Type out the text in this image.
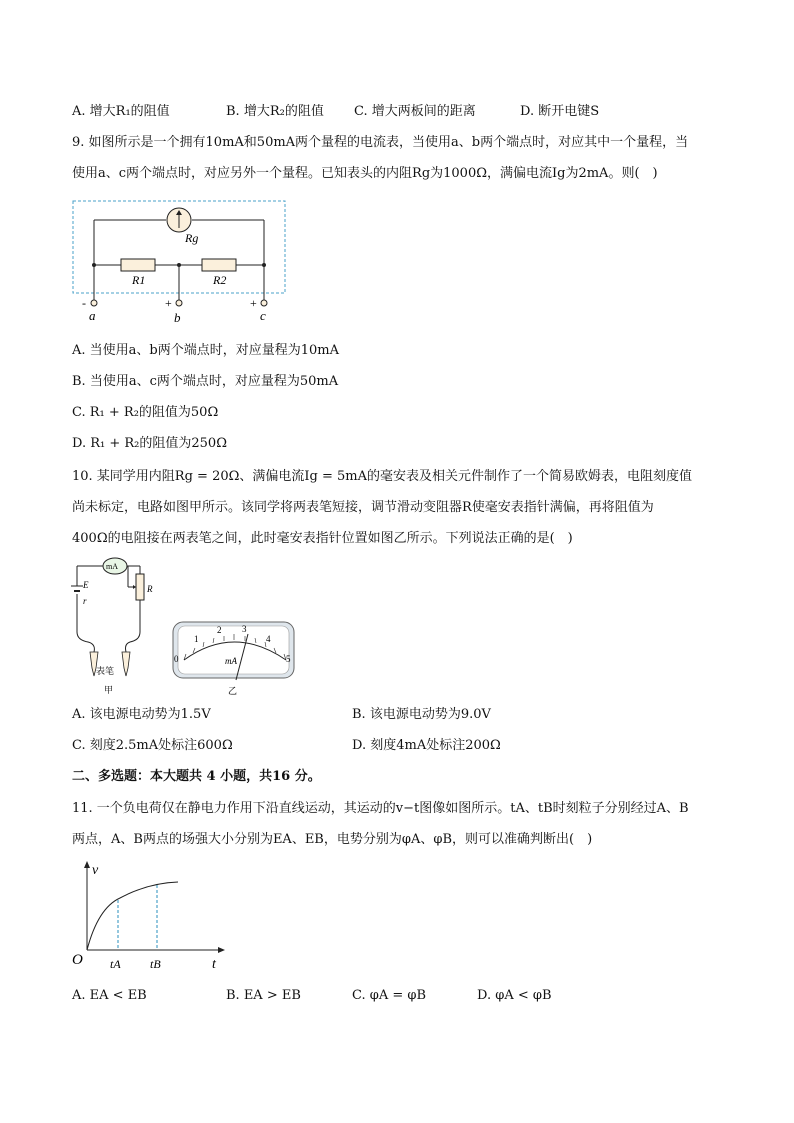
A. 增大R₁的阻值	B. 增大R₂的阻值 C. 增大两板间的距离	D. 断开电键S
9. 如图所示是一个拥有10mA和50mA两个量程的电流表，当使用a、b两个端点时，对应其中一个量程，当
使用a、c两个端点时，对应另外一个量程。已知表头的内阻Rg为1000Ω，满偏电流Ig为2mA。则(　)
Rg
R1	R2
-	+	+
a	b	c
A. 当使用a、b两个端点时，对应量程为10mA
B. 当使用a、c两个端点时，对应量程为50mA
C. R₁ + R₂的阻值为50Ω
D. R₁ + R₂的阻值为250Ω
10. 某同学用内阻Rg = 20Ω、满偏电流Ig = 5mA的毫安表及相关元件制作了一个简易欧姆表，电阻刻度值
尚未标定，电路如图甲所示。该同学将两表笔短接，调节滑动变阻器R使毫安表指针满偏，再将阻值为
400Ω的电阻接在两表笔之间，此时毫安表指针位置如图乙所示。下列说法正确的是(　)
mA
E
r
R
表笔
甲
0
1
2 3
4
5
mA
乙
A. 该电源电动势为1.5V	B. 该电源电动势为9.0V
C. 刻度2.5mA处标注600Ω	D. 刻度4mA处标注200Ω
二、多选题：本大题共 4 小题，共16 分。
11. 一个负电荷仅在静电力作用下沿直线运动，其运动的v−t图像如图所示。tA、tB时刻粒子分别经过A、B
两点，A、B两点的场强大小分别为EA、EB，电势分别为φA、φB，则可以准确判断出(　)
v
t
O tA tB
A. EA < EB	B. EA > EB	C. φA = φB	D. φA < φB
